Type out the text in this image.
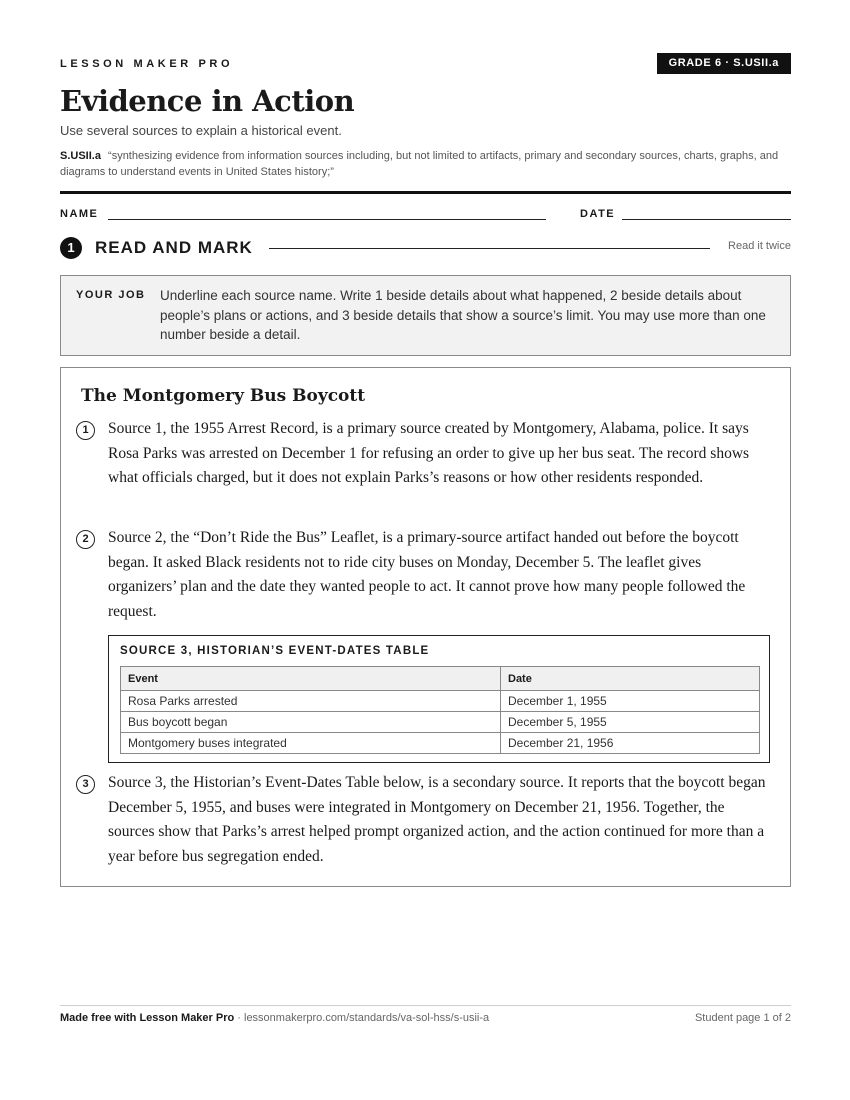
LESSON MAKER PRO	GRADE 6 · S.USII.a
Evidence in Action
Use several sources to explain a historical event.
S.USII.a “synthesizing evidence from information sources including, but not limited to artifacts, primary and secondary sources, charts, graphs, and diagrams to understand events in United States history;”
NAME	DATE
1	READ AND MARK	Read it twice
YOUR JOB Underline each source name. Write 1 beside details about what happened, 2 beside details about people’s plans or actions, and 3 beside details that show a source’s limit. You may use more than one number beside a detail.
The Montgomery Bus Boycott
1	Source 1, the 1955 Arrest Record, is a primary source created by Montgomery, Alabama, police. It says Rosa Parks was arrested on December 1 for refusing an order to give up her bus seat. The record shows what officials charged, but it does not explain Parks’s reasons or how other residents responded.
2	Source 2, the “Don’t Ride the Bus” Leaflet, is a primary-source artifact handed out before the boycott began. It asked Black residents not to ride city buses on Monday, December 5. The leaflet gives organizers’ plan and the date they wanted people to act. It cannot prove how many people followed the request.
SOURCE 3, HISTORIAN’S EVENT-DATES TABLE
Event	Date
Rosa Parks arrested	December 1, 1955
Bus boycott began	December 5, 1955
Montgomery buses integrated	December 21, 1956
3	Source 3, the Historian’s Event-Dates Table below, is a secondary source. It reports that the boycott began December 5, 1955, and buses were integrated in Montgomery on December 21, 1956. Together, the sources show that Parks’s arrest helped prompt organized action, and the action continued for more than a year before bus segregation ended.
Made free with Lesson Maker Pro · lessonmakerpro.com/standards/va-sol-hss/s-usii-a	Student page 1 of 2
